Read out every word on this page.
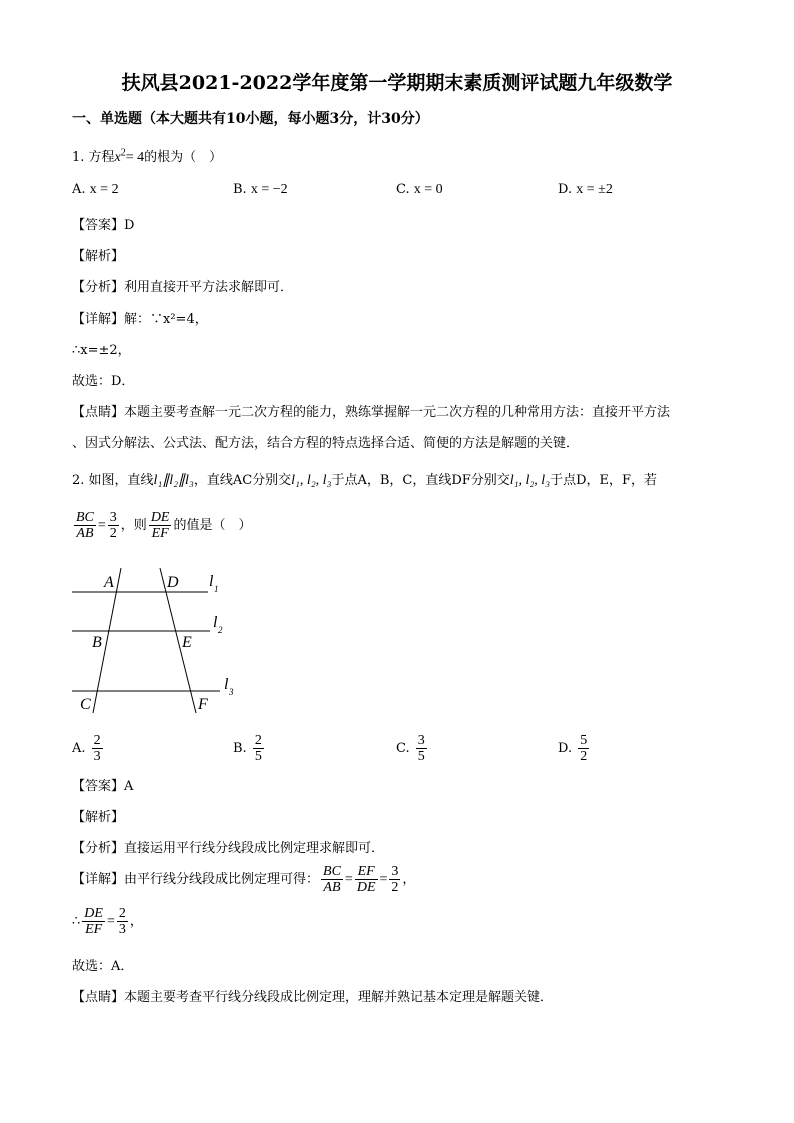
扶风县2021-2022学年度第一学期期末素质测评试题九年级数学
一、单选题（本大题共有10小题，每小题3分，计30分）
1. 方程$x^2= 4$的根为（　）
A. x = 2	B. x = −2	C. x = 0	D. x = ±2
【答案】D
【解析】
【分析】利用直接开平方法求解即可．
【详解】解：∵x²=4，
∴x=±2，
故选：D．
【点睛】本题主要考查解一元二次方程的能力，熟练掌握解一元二次方程的几种常用方法：直接开平方法
、因式分解法、公式法、配方法，结合方程的特点选择合适、简便的方法是解题的关键．
2. 如图，直线l₁∥l₂∥l₃，直线AC分别交l₁, l₂, l₃于点A，B，C，直线DF分别交l₁, l₂, l₃于点D，E，F，若
$\frac{BC}{AB} = \frac{3}{2}$ ，则 $\frac{DE}{EF}$ 的值是（　）
A	D
B	E
C	F
l 1
l 2
l 3
A. $\frac{2}{3}$	B. $\frac{2}{5}$	C. $\frac{3}{5}$	D. $\frac{5}{2}$
【答案】A
【解析】
【分析】直接运用平行线分线段成比例定理求解即可．
【详解】由平行线分线段成比例定理可得： $\frac{BC}{AB} = \frac{EF}{DE} = \frac{3}{2}$ ，
∴ $\frac{DE}{EF} = \frac{2}{3}$ ，
故选：A．
【点睛】本题主要考查平行线分线段成比例定理，理解并熟记基本定理是解题关键．
